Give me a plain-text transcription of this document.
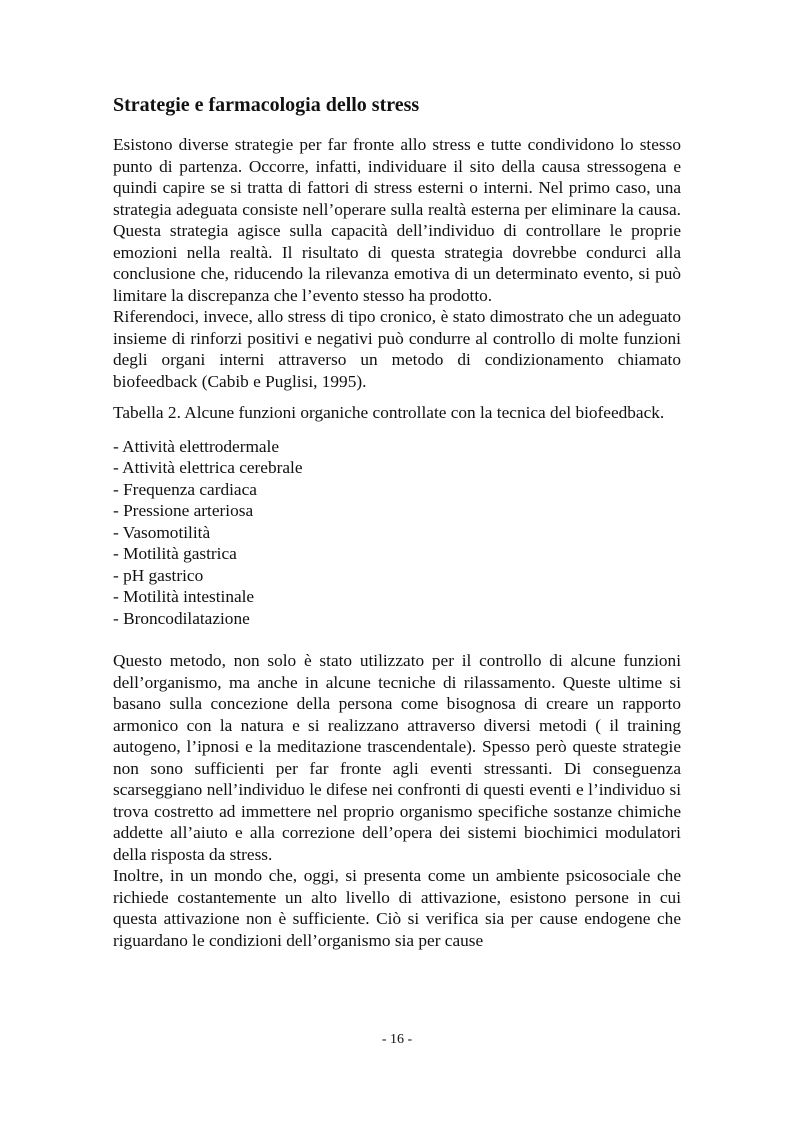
Strategie e farmacologia dello stress

Esistono diverse strategie per far fronte allo stress e tutte condividono lo stesso punto di partenza. Occorre, infatti, individuare il sito della causa stressogena e quindi capire se si tratta di fattori di stress esterni o interni. Nel primo caso, una strategia adeguata consiste nell’operare sulla realtà esterna per eliminare la causa. Questa strategia agisce sulla capacità dell’individuo di controllare le proprie emozioni nella realtà. Il risultato di questa strategia dovrebbe condurci alla conclusione che, riducendo la rilevanza emotiva di un determinato evento, si può limitare la discrepanza che l’evento stesso ha prodotto.

Riferendoci, invece, allo stress di tipo cronico, è stato dimostrato che un adeguato insieme di rinforzi positivi e negativi può condurre al controllo di molte funzioni degli organi interni attraverso un metodo di condizionamento chiamato biofeedback (Cabib e Puglisi, 1995).

Tabella 2. Alcune funzioni organiche controllate con la tecnica del biofeedback.

- Attività elettrodermale
- Attività elettrica cerebrale
- Frequenza cardiaca
- Pressione arteriosa
- Vasomotilità
- Motilità gastrica
- pH gastrico
- Motilità intestinale
- Broncodilatazione

Questo metodo, non solo è stato utilizzato per il controllo di alcune funzioni dell’organismo, ma anche in alcune tecniche di rilassamento. Queste ultime si basano sulla concezione della persona come bisognosa di creare un rapporto armonico con la natura e si realizzano attraverso diversi metodi ( il training autogeno, l’ipnosi e la meditazione trascendentale). Spesso però queste strategie non sono sufficienti per far fronte agli eventi stressanti. Di conseguenza scarseggiano nell’individuo le difese nei confronti di questi eventi e l’individuo si trova costretto ad immettere nel proprio organismo specifiche sostanze chimiche addette all’aiuto e alla correzione dell’opera dei sistemi biochimici modulatori della risposta da stress.

Inoltre, in un mondo che, oggi, si presenta come un ambiente psicosociale che richiede costantemente un alto livello di attivazione, esistono persone in cui questa attivazione non è sufficiente. Ciò si verifica sia per cause endogene che riguardano le condizioni dell’organismo sia per cause

- 16 -
